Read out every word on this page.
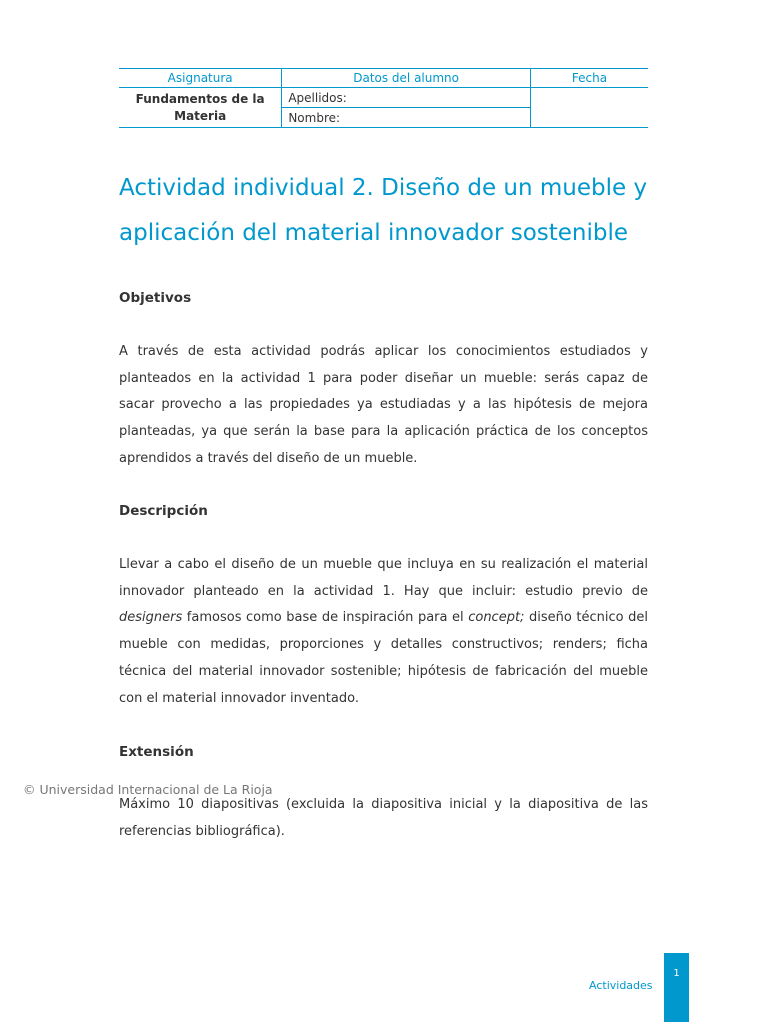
Asignatura	Datos del alumno	Fecha
Fundamentos de la Materia	Apellidos:	
	Nombre:	
Actividad individual 2. Diseño de un mueble y aplicación del material innovador sostenible
Objetivos

A través de esta actividad podrás aplicar los conocimientos estudiados y planteados en la actividad 1 para poder diseñar un mueble: serás capaz de sacar provecho a las propiedades ya estudiadas y a las hipótesis de mejora planteadas, ya que serán la base para la aplicación práctica de los conceptos aprendidos a través del diseño de un mueble.

Descripción

Llevar a cabo el diseño de un mueble que incluya en su realización el material innovador planteado en la actividad 1. Hay que incluir: estudio previo de designers famosos como base de inspiración para el concept; diseño técnico del mueble con medidas, proporciones y detalles constructivos; renders; ficha técnica del material innovador sostenible; hipótesis de fabricación del mueble con el material innovador inventado.

Extensión

Máximo 10 diapositivas (excluida la diapositiva inicial y la diapositiva de las referencias bibliográfica).

© Universidad Internacional de La Rioja
Actividades
1
